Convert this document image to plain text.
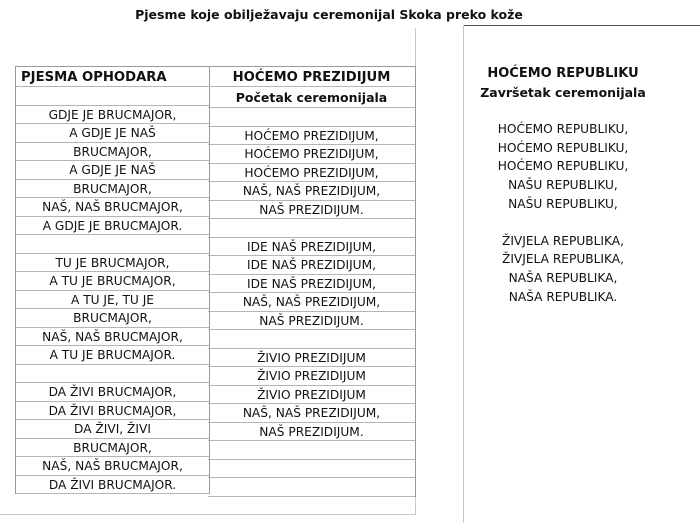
Pjesme koje obilježavaju ceremonijal Skoka preko kože
PJESMA OPHODARA
GDJE JE BRUCMAJOR,
A GDJE JE NAŠ
BRUCMAJOR,
A GDJE JE NAŠ
BRUCMAJOR,
NAŠ, NAŠ BRUCMAJOR,
A GDJE JE BRUCMAJOR.
TU JE BRUCMAJOR,
A TU JE BRUCMAJOR,
A TU JE, TU JE
BRUCMAJOR,
NAŠ, NAŠ BRUCMAJOR,
A TU JE BRUCMAJOR.
DA ŽIVI BRUCMAJOR,
DA ŽIVI BRUCMAJOR,
DA ŽIVI, ŽIVI
BRUCMAJOR,
NAŠ, NAŠ BRUCMAJOR,
DA ŽIVI BRUCMAJOR.
HOĆEMO PREZIDIJUM
Početak ceremonijala
HOĆEMO PREZIDIJUM,
HOĆEMO PREZIDIJUM,
HOĆEMO PREZIDIJUM,
NAŠ, NAŠ PREZIDIJUM,
NAŠ PREZIDIJUM.
IDE NAŠ PREZIDIJUM,
IDE NAŠ PREZIDIJUM,
IDE NAŠ PREZIDIJUM,
NAŠ, NAŠ PREZIDIJUM,
NAŠ PREZIDIJUM.
ŽIVIO PREZIDIJUM
ŽIVIO PREZIDIJUM
ŽIVIO PREZIDIJUM
NAŠ, NAŠ PREZIDIJUM,
NAŠ PREZIDIJUM.
HOĆEMO REPUBLIKU
Završetak ceremonijala
HOĆEMO REPUBLIKU,
HOĆEMO REPUBLIKU,
HOĆEMO REPUBLIKU,
NAŠU REPUBLIKU,
NAŠU REPUBLIKU,
ŽIVJELA REPUBLIKA,
ŽIVJELA REPUBLIKA,
NAŠA REPUBLIKA,
NAŠA REPUBLIKA.
